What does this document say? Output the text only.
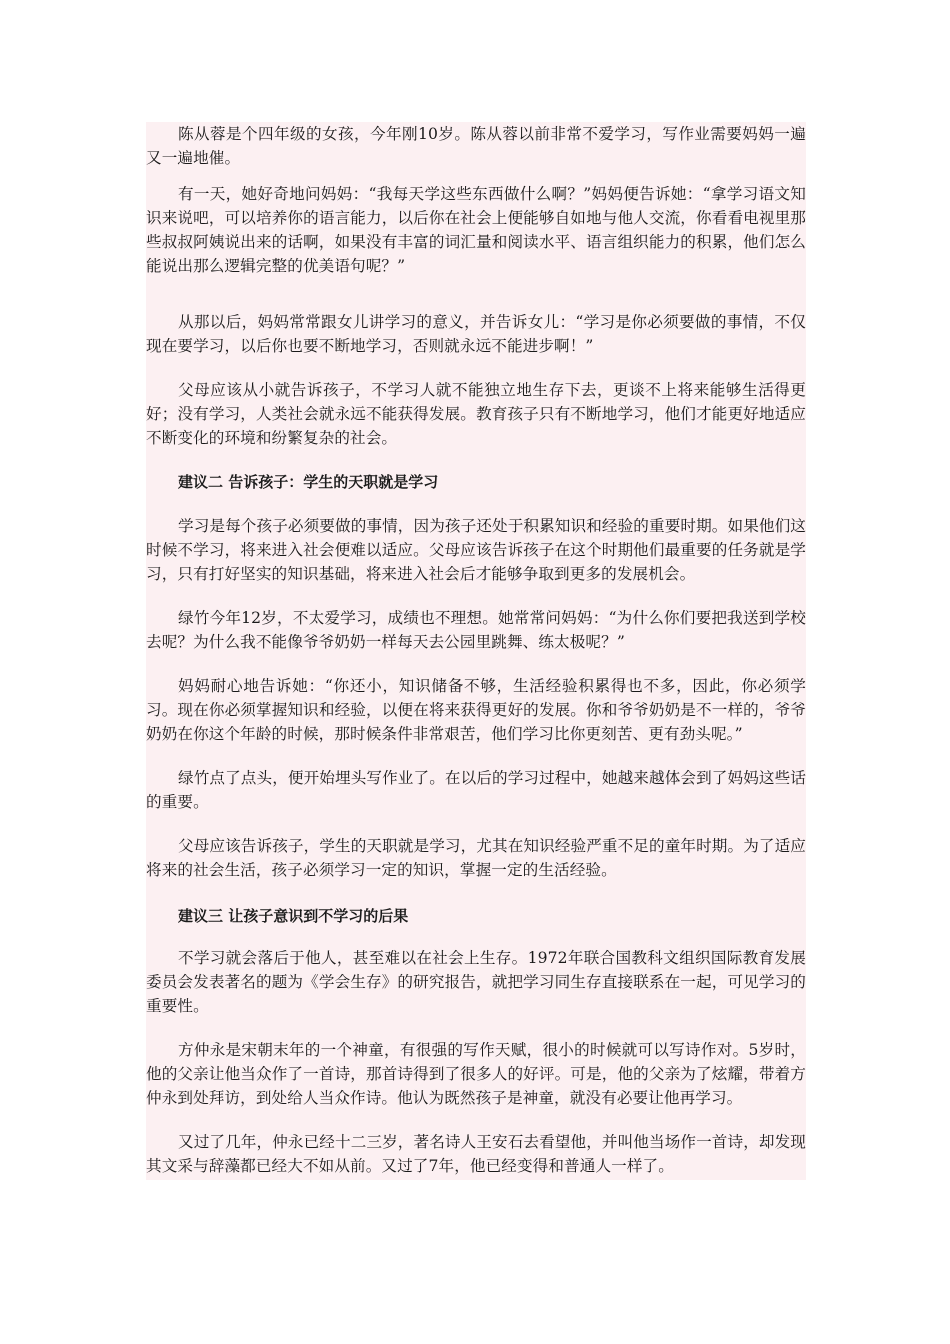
陈从蓉是个四年级的女孩，今年刚10岁。陈从蓉以前非常不爱学习，写作业需要妈妈一遍又一遍地催。

有一天，她好奇地问妈妈：“我每天学这些东西做什么啊？”妈妈便告诉她：“拿学习语文知识来说吧，可以培养你的语言能力，以后你在社会上便能够自如地与他人交流，你看看电视里那些叔叔阿姨说出来的话啊，如果没有丰富的词汇量和阅读水平、语言组织能力的积累，他们怎么能说出那么逻辑完整的优美语句呢？”

从那以后，妈妈常常跟女儿讲学习的意义，并告诉女儿：“学习是你必须要做的事情，不仅现在要学习，以后你也要不断地学习，否则就永远不能进步啊！”

父母应该从小就告诉孩子，不学习人就不能独立地生存下去，更谈不上将来能够生活得更好；没有学习，人类社会就永远不能获得发展。教育孩子只有不断地学习，他们才能更好地适应不断变化的环境和纷繁复杂的社会。

建议二 告诉孩子：学生的天职就是学习

学习是每个孩子必须要做的事情，因为孩子还处于积累知识和经验的重要时期。如果他们这时候不学习，将来进入社会便难以适应。父母应该告诉孩子在这个时期他们最重要的任务就是学习，只有打好坚实的知识基础，将来进入社会后才能够争取到更多的发展机会。

绿竹今年12岁，不太爱学习，成绩也不理想。她常常问妈妈：“为什么你们要把我送到学校去呢？为什么我不能像爷爷奶奶一样每天去公园里跳舞、练太极呢？”

妈妈耐心地告诉她：“你还小，知识储备不够，生活经验积累得也不多，因此，你必须学习。现在你必须掌握知识和经验，以便在将来获得更好的发展。你和爷爷奶奶是不一样的，爷爷奶奶在你这个年龄的时候，那时候条件非常艰苦，他们学习比你更刻苦、更有劲头呢。”

绿竹点了点头，便开始埋头写作业了。在以后的学习过程中，她越来越体会到了妈妈这些话的重要。

父母应该告诉孩子，学生的天职就是学习，尤其在知识经验严重不足的童年时期。为了适应将来的社会生活，孩子必须学习一定的知识，掌握一定的生活经验。

建议三 让孩子意识到不学习的后果

不学习就会落后于他人，甚至难以在社会上生存。1972年联合国教科文组织国际教育发展委员会发表著名的题为《学会生存》的研究报告，就把学习同生存直接联系在一起，可见学习的重要性。

方仲永是宋朝末年的一个神童，有很强的写作天赋，很小的时候就可以写诗作对。5岁时，他的父亲让他当众作了一首诗，那首诗得到了很多人的好评。可是，他的父亲为了炫耀，带着方仲永到处拜访，到处给人当众作诗。他认为既然孩子是神童，就没有必要让他再学习。

又过了几年，仲永已经十二三岁，著名诗人王安石去看望他，并叫他当场作一首诗，却发现其文采与辞藻都已经大不如从前。又过了7年，他已经变得和普通人一样了。
